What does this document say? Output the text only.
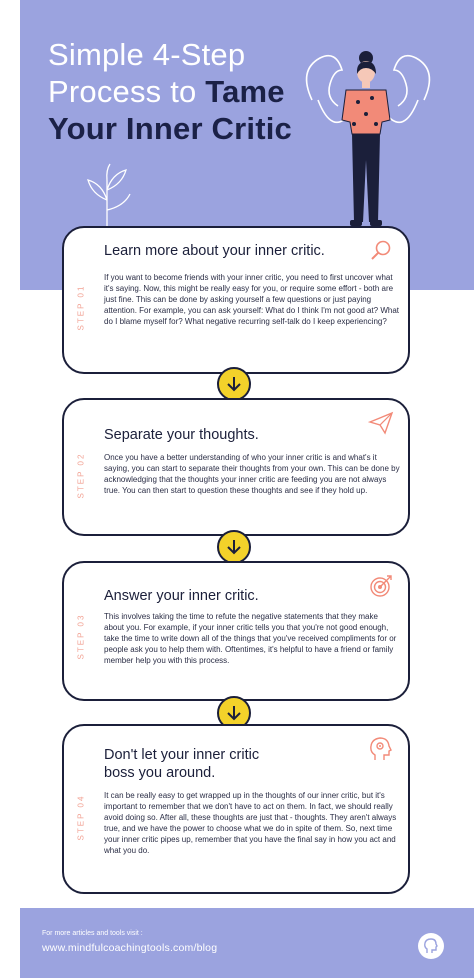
Simple 4-Step
Process to Tame
Your Inner Critic
STEP 01
Learn more about your inner critic.
If you want to become friends with your inner critic, you need to first uncover what it's saying. Now, this might be really easy for you, or require some effort - both are just fine. This can be done by asking yourself a few questions or just paying attention. For example, you can ask yourself: What do I think I'm not good at? What do I blame myself for? What negative recurring self-talk do I keep experiencing?
STEP 02
Separate your thoughts.
Once you have a better understanding of who your inner critic is and what's it saying, you can start to separate their thoughts from your own. This can be done by acknowledging that the thoughts your inner critic are feeding you are not always true. You can then start to question these thoughts and see if they hold up.
STEP 03
Answer your inner critic.
This involves taking the time to refute the negative statements that they make about you. For example, if your inner critic tells you that you're not good enough, take the time to write down all of the things that you've received compliments for or people ask you to help them with. Oftentimes, it's helpful to have a friend or family member help you with this process.
STEP 04
Don't let your inner critic
boss you around.
It can be really easy to get wrapped up in the thoughts of our inner critic, but it's important to remember that we don't have to act on them. In fact, we should really avoid doing so. After all, these thoughts are just that - thoughts. They aren't always true, and we have the power to choose what we do in spite of them. So, next time your inner critic pipes up, remember that you have the final say in how you act and what you do.
For more articles and tools visit :
www.mindfulcoachingtools.com/blog
